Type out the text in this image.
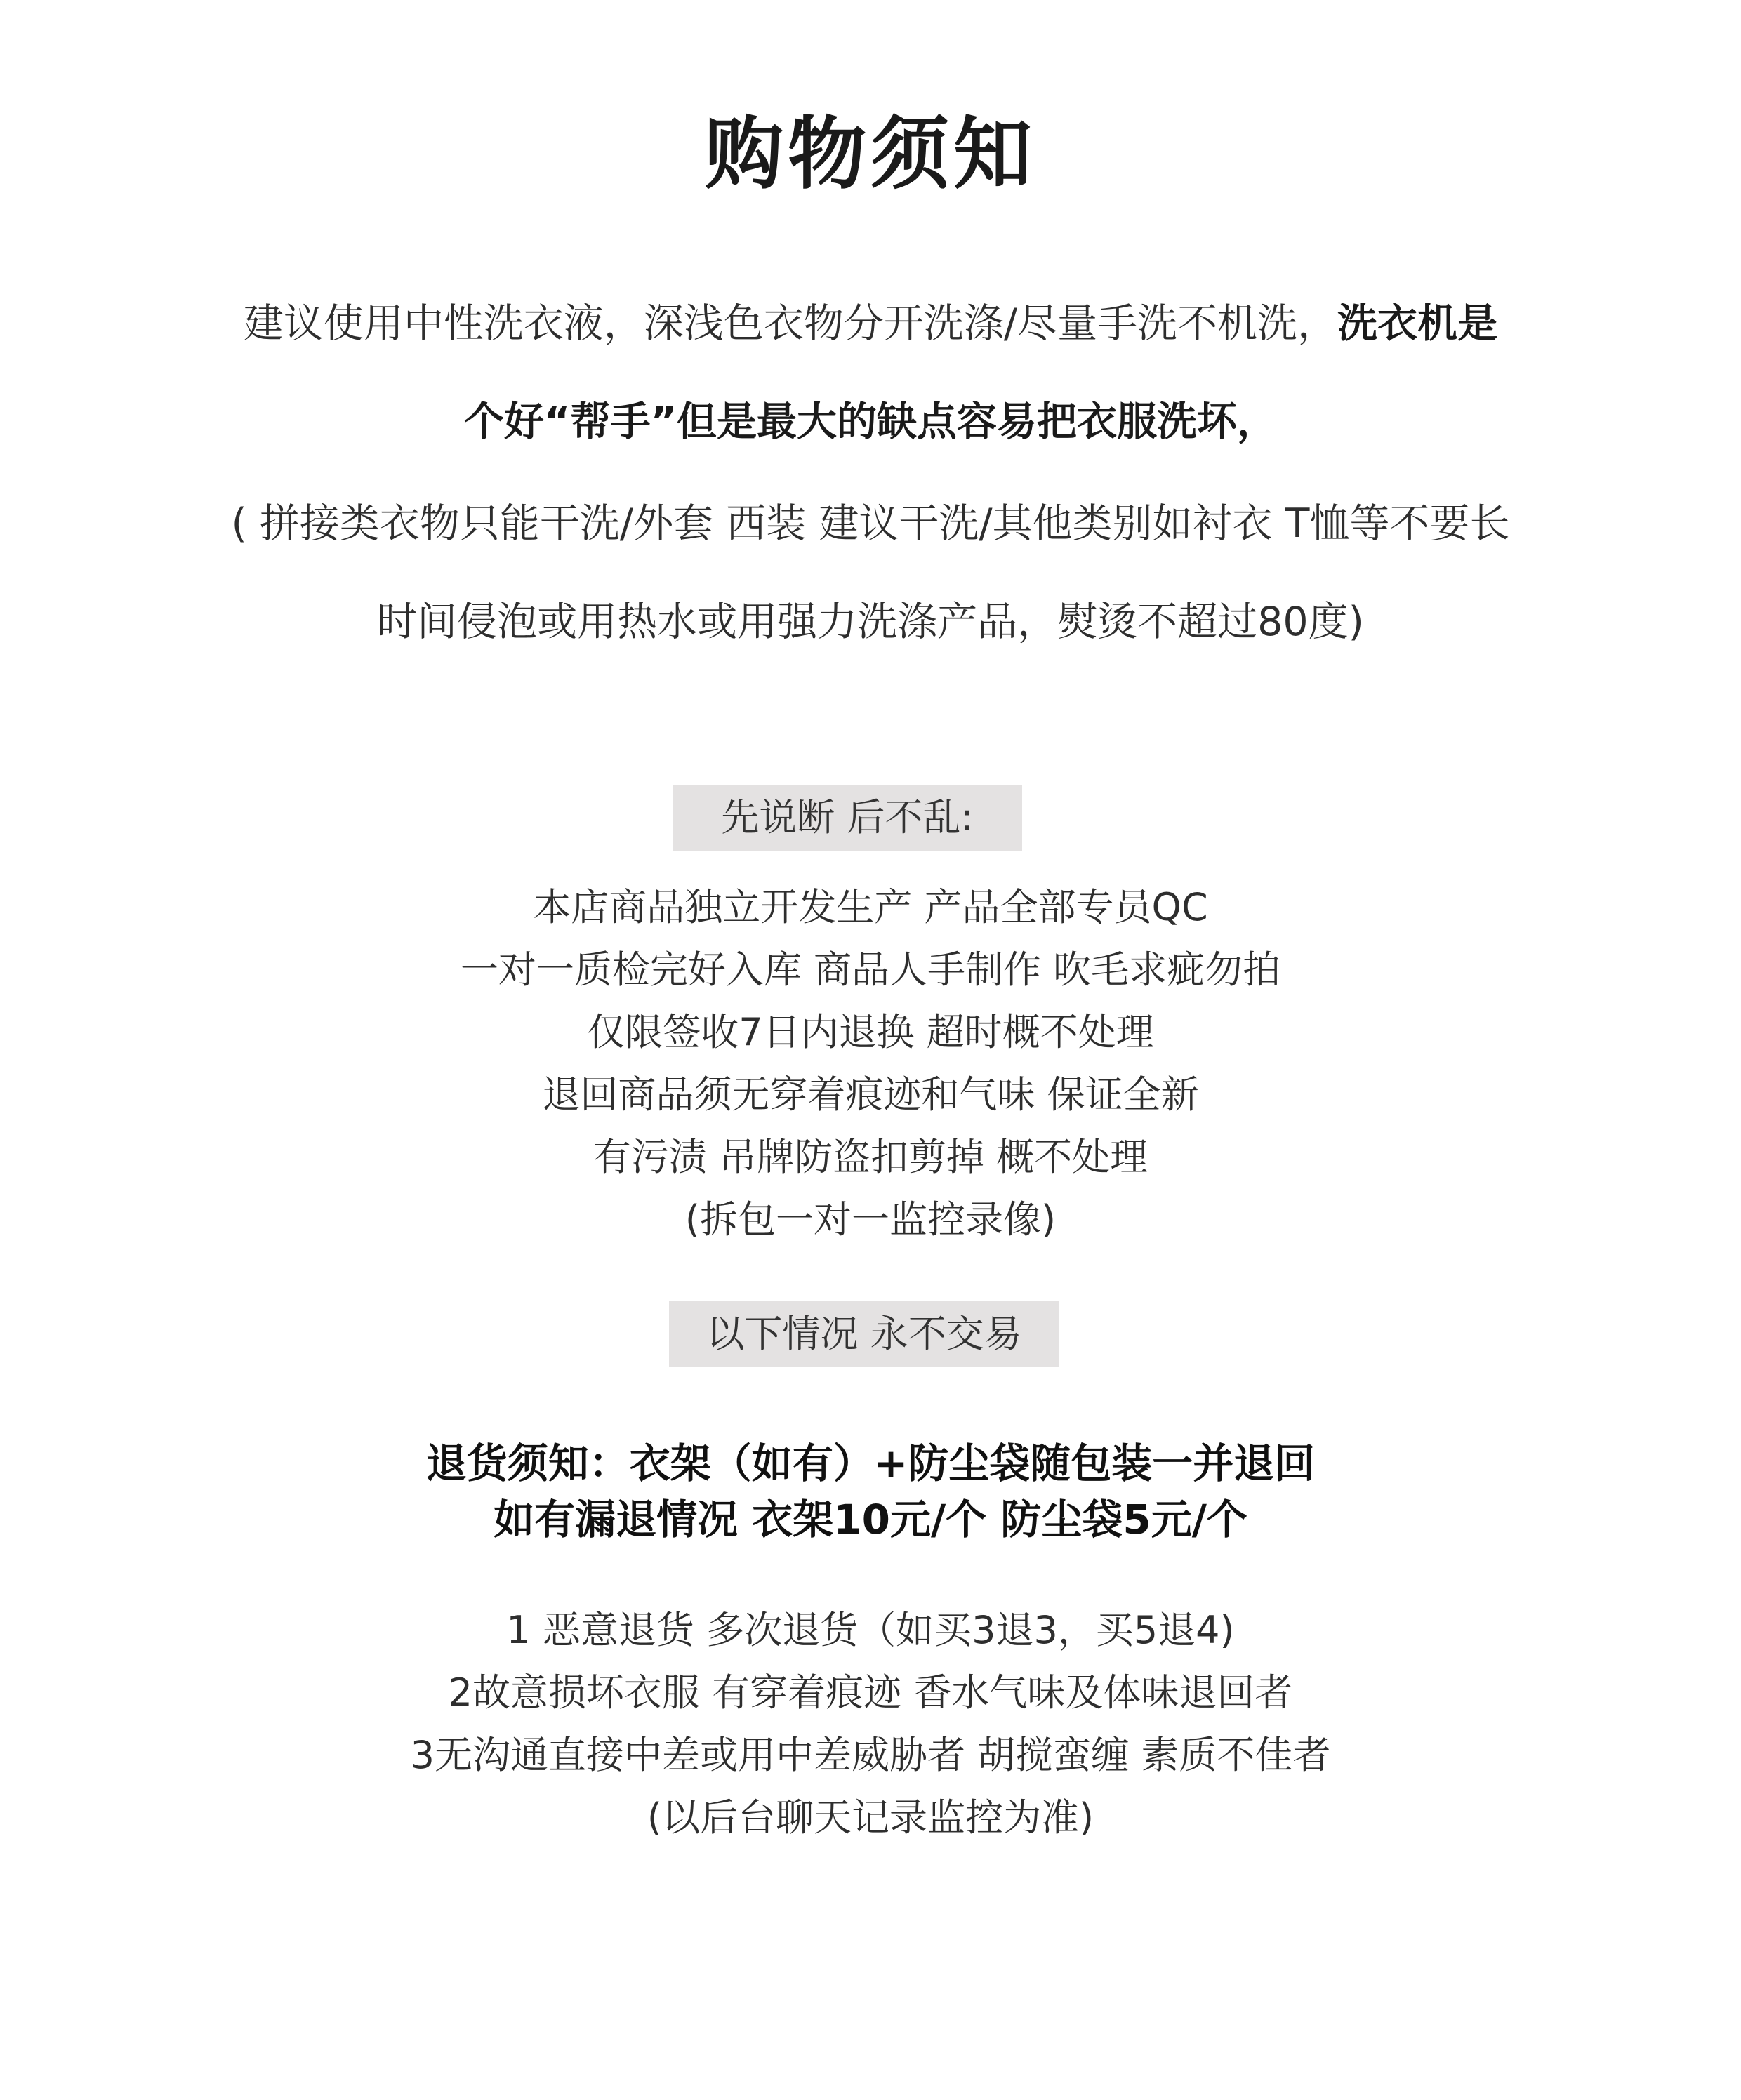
购物须知
建议使用中性洗衣液，深浅色衣物分开洗涤/尽量手洗不机洗，洗衣机是
个好“帮手”但是最大的缺点容易把衣服洗坏，
( 拼接类衣物只能干洗/外套 西装 建议干洗/其他类别如衬衣 T恤等不要长
时间侵泡或用热水或用强力洗涤产品，熨烫不超过80度)
先说断 后不乱:
本店商品独立开发生产 产品全部专员QC
一对一质检完好入库 商品人手制作 吹毛求疵勿拍
仅限签收7日内退换 超时概不处理
退回商品须无穿着痕迹和气味 保证全新
有污渍 吊牌防盗扣剪掉 概不处理
(拆包一对一监控录像)
以下情况 永不交易
退货须知：衣架（如有）+防尘袋随包装一并退回
如有漏退情况 衣架10元/个 防尘袋5元/个
1 恶意退货 多次退货（如买3退3，买5退4)
2故意损坏衣服 有穿着痕迹 香水气味及体味退回者
3无沟通直接中差或用中差威胁者 胡搅蛮缠 素质不佳者
(以后台聊天记录监控为准)
